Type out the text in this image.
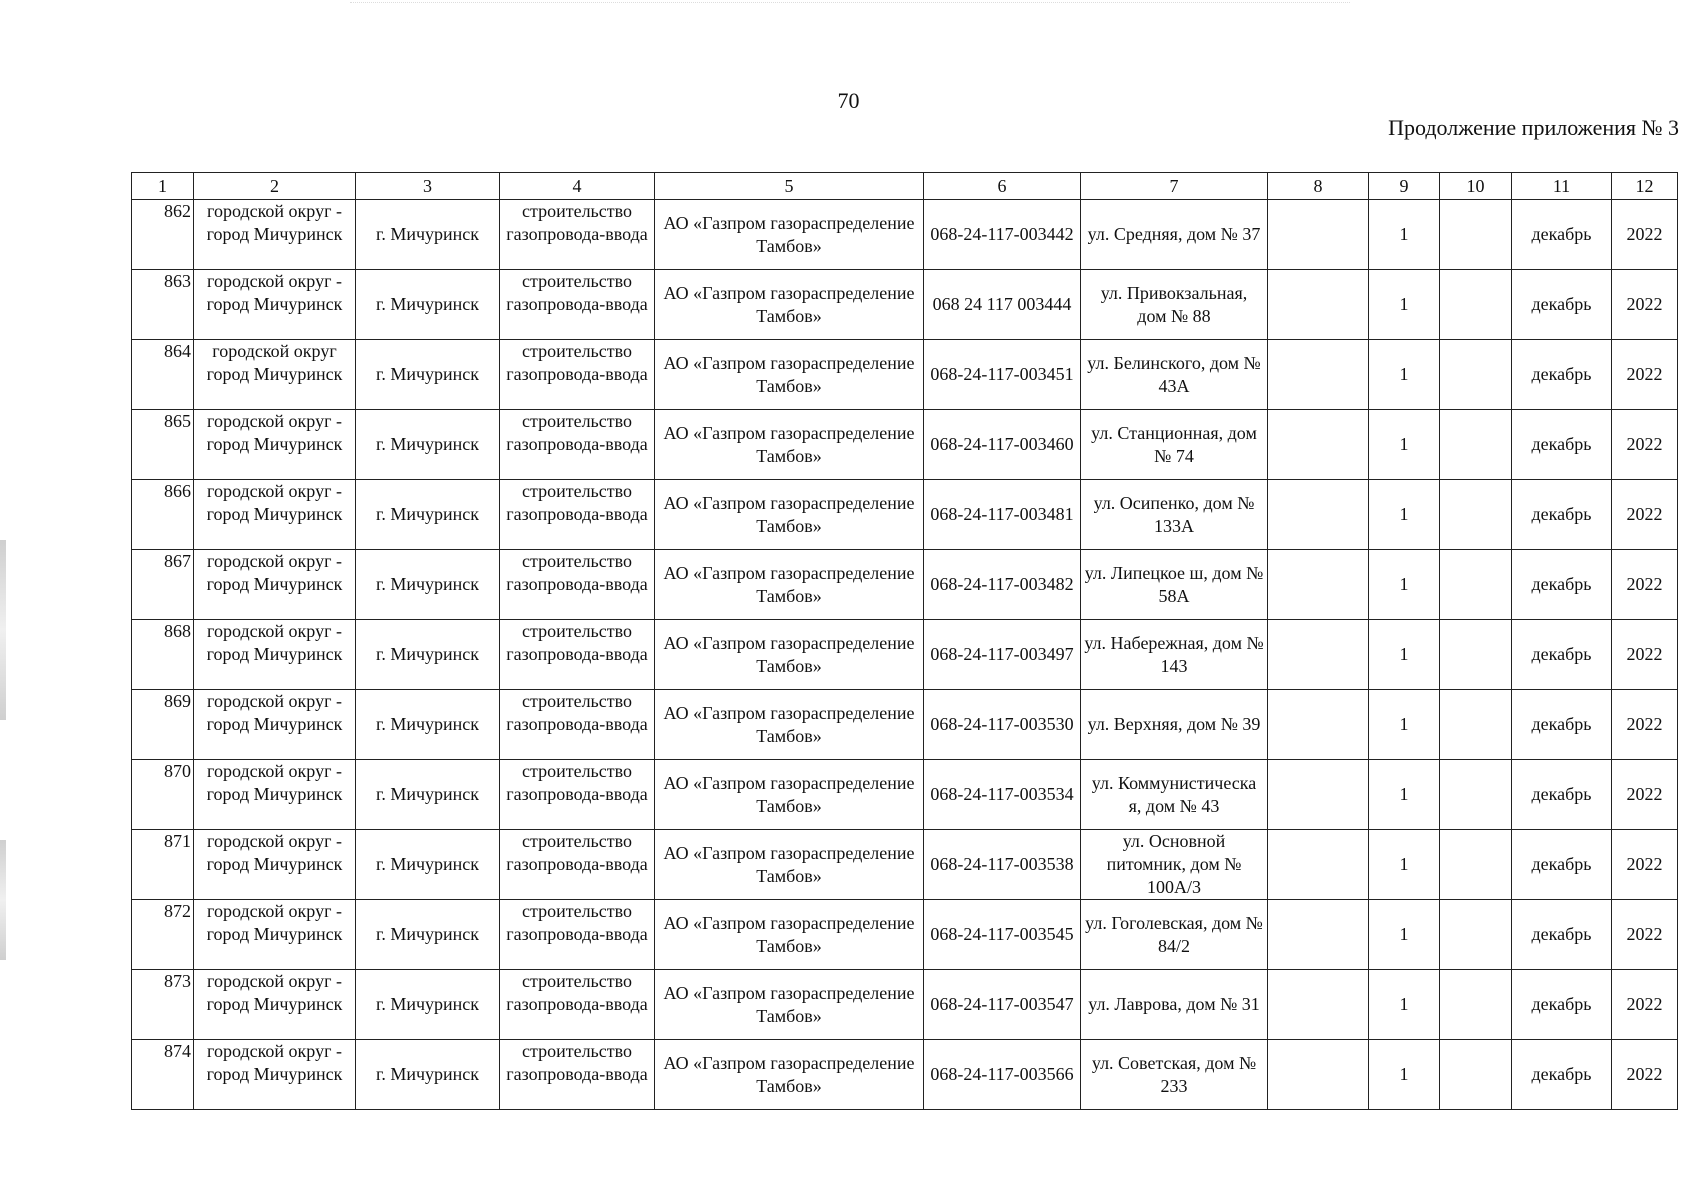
70
Продолжение приложения № 3
1	2	3	4	5	6	7	8	9	10	11	12
862	городской округ - город Мичуринск	г. Мичуринск	строительство газопровода-ввода	АО «Газпром газораспределение Тамбов»	068-24-117-003442	ул. Средняя, дом № 37		1		декабрь	2022
863	городской округ - город Мичуринск	г. Мичуринск	строительство газопровода-ввода	АО «Газпром газораспределение Тамбов»	068 24 117 003444	ул. Привокзальная, дом № 88		1		декабрь	2022
864	городской округ город Мичуринск	г. Мичуринск	строительство газопровода-ввода	АО «Газпром газораспределение Тамбов»	068-24-117-003451	ул. Белинского, дом № 43А		1		декабрь	2022
865	городской округ - город Мичуринск	г. Мичуринск	строительство газопровода-ввода	АО «Газпром газораспределение Тамбов»	068-24-117-003460	ул. Станционная, дом № 74		1		декабрь	2022
866	городской округ - город Мичуринск	г. Мичуринск	строительство газопровода-ввода	АО «Газпром газораспределение Тамбов»	068-24-117-003481	ул. Осипенко, дом № 133А		1		декабрь	2022
867	городской округ - город Мичуринск	г. Мичуринск	строительство газопровода-ввода	АО «Газпром газораспределение Тамбов»	068-24-117-003482	ул. Липецкое ш, дом № 58А		1		декабрь	2022
868	городской округ - город Мичуринск	г. Мичуринск	строительство газопровода-ввода	АО «Газпром газораспределение Тамбов»	068-24-117-003497	ул. Набережная, дом № 143		1		декабрь	2022
869	городской округ - город Мичуринск	г. Мичуринск	строительство газопровода-ввода	АО «Газпром газораспределение Тамбов»	068-24-117-003530	ул. Верхняя, дом № 39		1		декабрь	2022
870	городской округ - город Мичуринск	г. Мичуринск	строительство газопровода-ввода	АО «Газпром газораспределение Тамбов»	068-24-117-003534	ул. Коммунистическа я, дом № 43		1		декабрь	2022
871	городской округ - город Мичуринск	г. Мичуринск	строительство газопровода-ввода	АО «Газпром газораспределение Тамбов»	068-24-117-003538	ул. Основной питомник, дом № 100А/3		1		декабрь	2022
872	городской округ - город Мичуринск	г. Мичуринск	строительство газопровода-ввода	АО «Газпром газораспределение Тамбов»	068-24-117-003545	ул. Гоголевская, дом № 84/2		1		декабрь	2022
873	городской округ - город Мичуринск	г. Мичуринск	строительство газопровода-ввода	АО «Газпром газораспределение Тамбов»	068-24-117-003547	ул. Лаврова, дом № 31		1		декабрь	2022
874	городской округ - город Мичуринск	г. Мичуринск	строительство газопровода-ввода	АО «Газпром газораспределение Тамбов»	068-24-117-003566	ул. Советская, дом № 233		1		декабрь	2022
